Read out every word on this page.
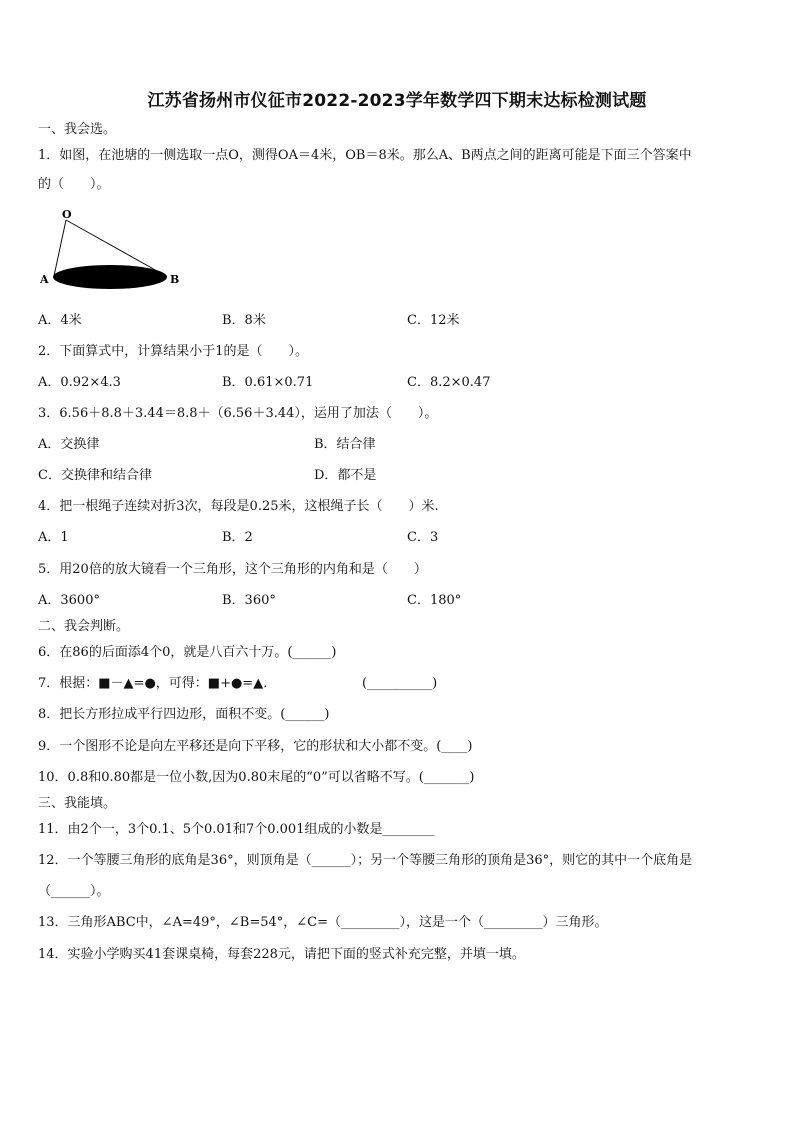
江苏省扬州市仪征市2022-2023学年数学四下期末达标检测试题
一、我会选。
1．如图，在池塘的一侧选取一点O，测得OA＝4米，OB＝8米。那么A、B两点之间的距离可能是下面三个答案中
的（　　）。
O
A	B
A．4米	B．8米	C．12米
2．下面算式中，计算结果小于1的是（　　）。
A．0.92×4.3	B．0.61×0.71	C．8.2×0.47
3．6.56＋8.8＋3.44＝8.8＋（6.56＋3.44），运用了加法（　　）。
A．交换律	B．结合律
C．交换律和结合律	D．都不是
4．把一根绳子连续对折3次，每段是0.25米，这根绳子长（　　）米.
A．1	B．2	C．3
5．用20倍的放大镜看一个三角形，这个三角形的内角和是（　　）
A．3600°	B．360°	C．180°
二、我会判断。
6．在86的后面添4个0，就是八百六十万。(______)
7．根据：■－▲=●，可得：■+●=▲．	(__________)
8．把长方形拉成平行四边形，面积不变。(______)
9．一个图形不论是向左平移还是向下平移，它的形状和大小都不变。(____)
10．0.8和0.80都是一位小数,因为0.80末尾的“0”可以省略不写。(_______)
三、我能填。
11．由2个一，3个0.1、5个0.01和7个0.001组成的小数是________
12．一个等腰三角形的底角是36°，则顶角是（______）；另一个等腰三角形的顶角是36°，则它的其中一个底角是
（______）。
13．三角形ABC中，∠A=49°，∠B=54°，∠C=（_________），这是一个（_________）三角形。
14．实验小学购买41套课桌椅，每套228元，请把下面的竖式补充完整，并填一填。
